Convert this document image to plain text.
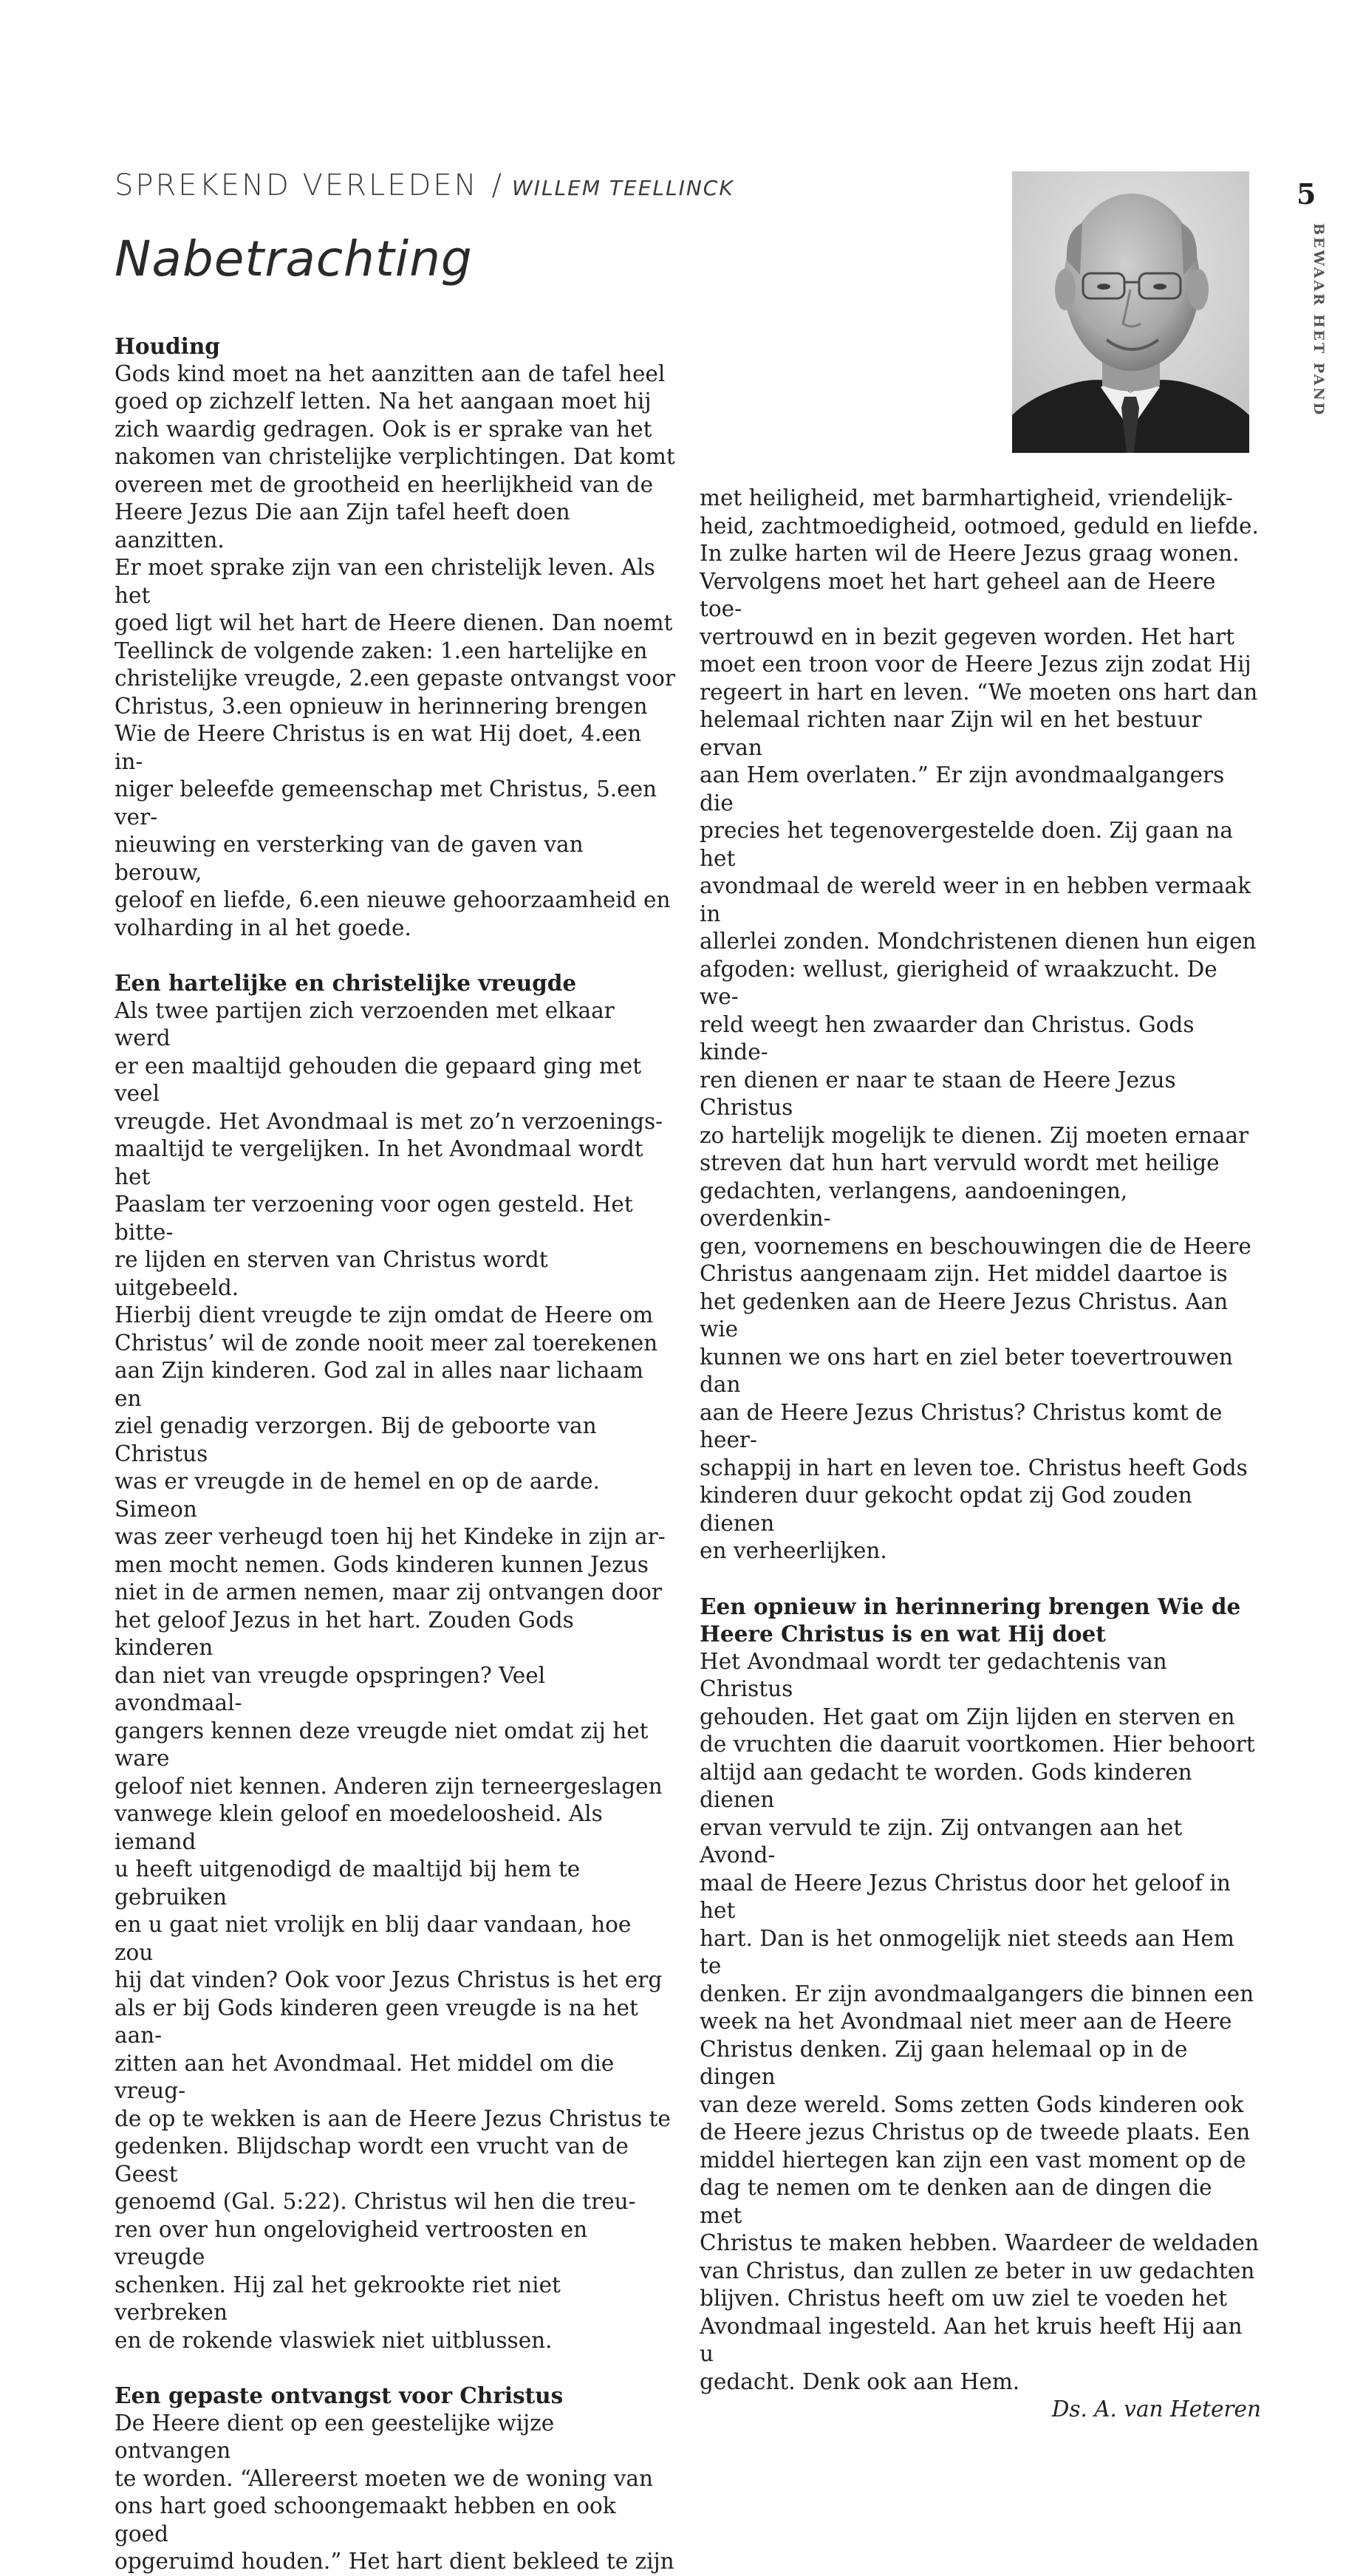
SPREKEND VERLEDEN / WILLEM TEELLINCK
Nabetrachting
5
BEWAAR HET PAND
Houding

Gods kind moet na het aanzitten aan de tafel heel
goed op zichzelf letten. Na het aangaan moet hij
zich waardig gedragen. Ook is er sprake van het
nakomen van christelijke verplichtingen. Dat komt
overeen met de grootheid en heerlijkheid van de
Heere Jezus Die aan Zijn tafel heeft doen aanzitten.
Er moet sprake zijn van een christelijk leven. Als het
goed ligt wil het hart de Heere dienen. Dan noemt
Teellinck de volgende zaken: 1.een hartelijke en
christelijke vreugde, 2.een gepaste ontvangst voor
Christus, 3.een opnieuw in herinnering brengen
Wie de Heere Christus is en wat Hij doet, 4.een in-
niger beleefde gemeenschap met Christus, 5.een ver-
nieuwing en versterking van de gaven van berouw,
geloof en liefde, 6.een nieuwe gehoorzaamheid en
volharding in al het goede.

Een hartelijke en christelijke vreugde

Als twee partijen zich verzoenden met elkaar werd
er een maaltijd gehouden die gepaard ging met veel
vreugde. Het Avondmaal is met zo’n verzoenings-
maaltijd te vergelijken. In het Avondmaal wordt het
Paaslam ter verzoening voor ogen gesteld. Het bitte-
re lijden en sterven van Christus wordt uitgebeeld.
Hierbij dient vreugde te zijn omdat de Heere om
Christus’ wil de zonde nooit meer zal toerekenen
aan Zijn kinderen. God zal in alles naar lichaam en
ziel genadig verzorgen. Bij de geboorte van Christus
was er vreugde in de hemel en op de aarde. Simeon
was zeer verheugd toen hij het Kindeke in zijn ar-
men mocht nemen. Gods kinderen kunnen Jezus
niet in de armen nemen, maar zij ontvangen door
het geloof Jezus in het hart. Zouden Gods kinderen
dan niet van vreugde opspringen? Veel avondmaal-
gangers kennen deze vreugde niet omdat zij het ware
geloof niet kennen. Anderen zijn terneergeslagen
vanwege klein geloof en moedeloosheid. Als iemand
u heeft uitgenodigd de maaltijd bij hem te gebruiken
en u gaat niet vrolijk en blij daar vandaan, hoe zou
hij dat vinden? Ook voor Jezus Christus is het erg
als er bij Gods kinderen geen vreugde is na het aan-
zitten aan het Avondmaal. Het middel om die vreug-
de op te wekken is aan de Heere Jezus Christus te
gedenken. Blijdschap wordt een vrucht van de Geest
genoemd (Gal. 5:22). Christus wil hen die treu-
ren over hun ongelovigheid vertroosten en vreugde
schenken. Hij zal het gekrookte riet niet verbreken
en de rokende vlaswiek niet uitblussen.

Een gepaste ontvangst voor Christus

De Heere dient op een geestelijke wijze ontvangen
te worden. “Allereerst moeten we de woning van
ons hart goed schoongemaakt hebben en ook goed
opgeruimd houden.” Het hart dient bekleed te zijn

met heiligheid, met barmhartigheid, vriendelijk-
heid, zachtmoedigheid, ootmoed, geduld en liefde.
In zulke harten wil de Heere Jezus graag wonen.
Vervolgens moet het hart geheel aan de Heere toe-
vertrouwd en in bezit gegeven worden. Het hart
moet een troon voor de Heere Jezus zijn zodat Hij
regeert in hart en leven. “We moeten ons hart dan
helemaal richten naar Zijn wil en het bestuur ervan
aan Hem overlaten.” Er zijn avondmaalgangers die
precies het tegenovergestelde doen. Zij gaan na het
avondmaal de wereld weer in en hebben vermaak in
allerlei zonden. Mondchristenen dienen hun eigen
afgoden: wellust, gierigheid of wraakzucht. De we-
reld weegt hen zwaarder dan Christus. Gods kinde-
ren dienen er naar te staan de Heere Jezus Christus
zo hartelijk mogelijk te dienen. Zij moeten ernaar
streven dat hun hart vervuld wordt met heilige
gedachten, verlangens, aandoeningen, overdenkin-
gen, voornemens en beschouwingen die de Heere
Christus aangenaam zijn. Het middel daartoe is
het gedenken aan de Heere Jezus Christus. Aan wie
kunnen we ons hart en ziel beter toevertrouwen dan
aan de Heere Jezus Christus? Christus komt de heer-
schappij in hart en leven toe. Christus heeft Gods
kinderen duur gekocht opdat zij God zouden dienen
en verheerlijken.

Een opnieuw in herinnering brengen Wie de
Heere Christus is en wat Hij doet

Het Avondmaal wordt ter gedachtenis van Christus
gehouden. Het gaat om Zijn lijden en sterven en
de vruchten die daaruit voortkomen. Hier behoort
altijd aan gedacht te worden. Gods kinderen dienen
ervan vervuld te zijn. Zij ontvangen aan het Avond-
maal de Heere Jezus Christus door het geloof in het
hart. Dan is het onmogelijk niet steeds aan Hem te
denken. Er zijn avondmaalgangers die binnen een
week na het Avondmaal niet meer aan de Heere
Christus denken. Zij gaan helemaal op in de dingen
van deze wereld. Soms zetten Gods kinderen ook
de Heere jezus Christus op de tweede plaats. Een
middel hiertegen kan zijn een vast moment op de
dag te nemen om te denken aan de dingen die met
Christus te maken hebben. Waardeer de weldaden
van Christus, dan zullen ze beter in uw gedachten
blijven. Christus heeft om uw ziel te voeden het
Avondmaal ingesteld. Aan het kruis heeft Hij aan u
gedacht. Denk ook aan Hem.

Ds. A. van Heteren
